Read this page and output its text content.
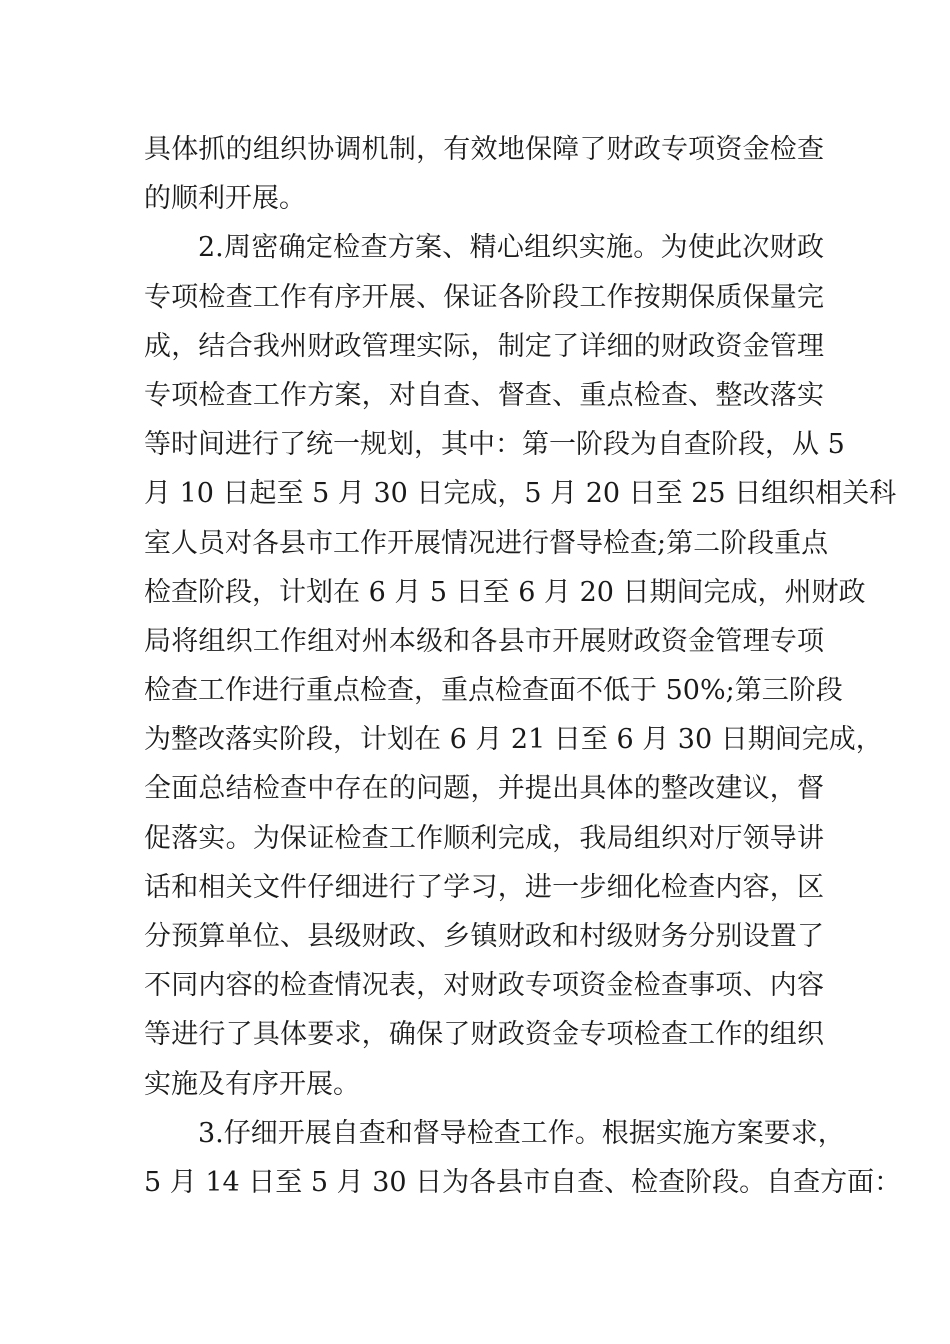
具体抓的组织协调机制，有效地保障了财政专项资金检查
的顺利开展。
2.周密确定检查方案、精心组织实施。为使此次财政
专项检查工作有序开展、保证各阶段工作按期保质保量完
成，结合我州财政管理实际，制定了详细的财政资金管理
专项检查工作方案，对自查、督查、重点检查、整改落实
等时间进行了统一规划，其中：第一阶段为自查阶段，从 5
月 10 日起至 5 月 30 日完成，5 月 20 日至 25 日组织相关科
室人员对各县市工作开展情况进行督导检查;第二阶段重点
检查阶段，计划在 6 月 5 日至 6 月 20 日期间完成，州财政
局将组织工作组对州本级和各县市开展财政资金管理专项
检查工作进行重点检查，重点检查面不低于 50%;第三阶段
为整改落实阶段，计划在 6 月 21 日至 6 月 30 日期间完成，
全面总结检查中存在的问题，并提出具体的整改建议，督
促落实。为保证检查工作顺利完成，我局组织对厅领导讲
话和相关文件仔细进行了学习，进一步细化检查内容，区
分预算单位、县级财政、乡镇财政和村级财务分别设置了
不同内容的检查情况表，对财政专项资金检查事项、内容
等进行了具体要求，确保了财政资金专项检查工作的组织
实施及有序开展。
3.仔细开展自查和督导检查工作。根据实施方案要求，
5 月 14 日至 5 月 30 日为各县市自查、检查阶段。自查方面：
